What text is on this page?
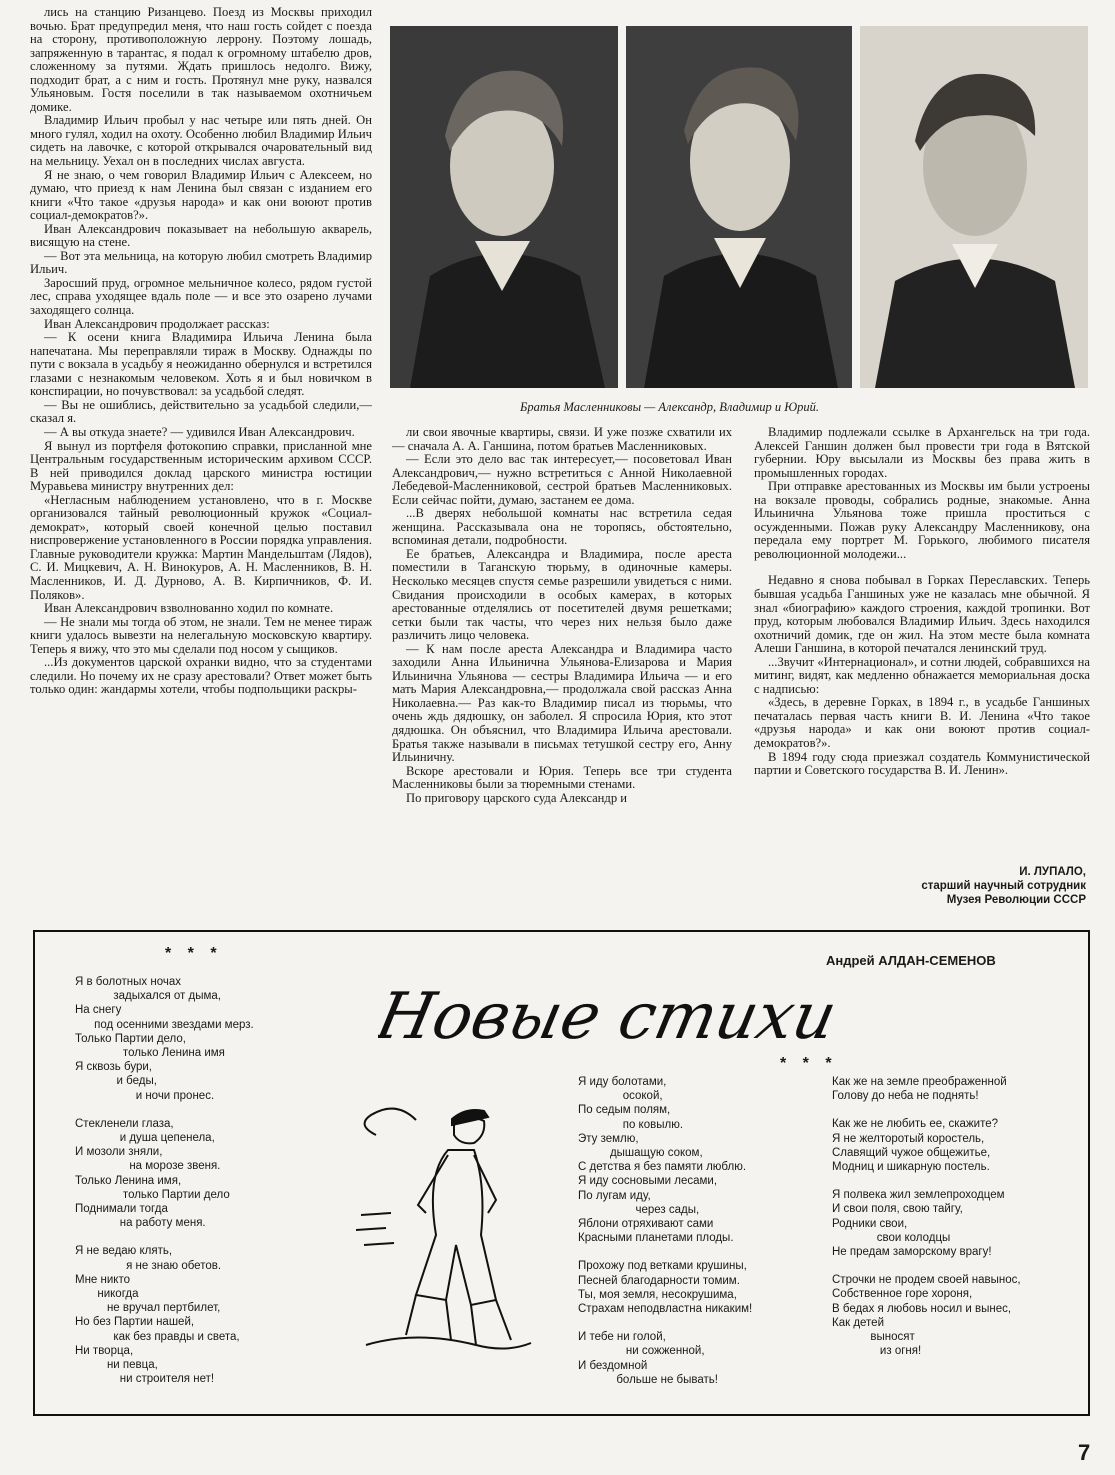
лись на станцию Ризанцево. Поезд из Москвы приходил вочью. Брат предупредил меня, что наш гость сойдет с поезда на сторону, противоположную леррону. Поэтому лошадь, запряженную в тарантас, я подал к огромному штабелю дров, сложенному за путями. Ждать пришлось недолго. Вижу, подходит брат, а с ним и гость. Протянул мне руку, назвался Ульяновым. Гостя поселили в так называемом охотничьем домике.

Владимир Ильич пробыл у нас четыре или пять дней. Он много гулял, ходил на охоту. Особенно любил Владимир Ильич сидеть на лавочке, с которой открывался очаровательный вид на мельницу. Уехал он в последних числах августа.

Я не знаю, о чем говорил Владимир Ильич с Алексеем, но думаю, что приезд к нам Ленина был связан с изданием его книги «Что такое «друзья народа» и как они воюют против социал-демократов?».

Иван Александрович показывает на небольшую акварель, висящую на стене.

— Вот эта мельница, на которую любил смотреть Владимир Ильич.

Заросший пруд, огромное мельничное колесо, рядом густой лес, справа уходящее вдаль поле — и все это озарено лучами заходящего солнца.

Иван Александрович продолжает рассказ:

— К осени книга Владимира Ильича Ленина была напечатана. Мы переправляли тираж в Москву. Однажды по пути с вокзала в усадьбу я неожиданно обернулся и встретился глазами с незнакомым человеком. Хоть я и был новичком в конспирации, но почувствовал: за усадьбой следят.

— Вы не ошиблись, действительно за усадьбой следили,— сказал я.

— А вы откуда знаете? — удивился Иван Александрович.

Я вынул из портфеля фотокопию справки, присланной мне Центральным государственным историческим архивом СССР. В ней приводился доклад царского министра юстиции Муравьева министру внутренних дел:

«Негласным наблюдением установлено, что в г. Москве организовался тайный революционный кружок «Социал-демократ», который своей конечной целью поставил ниспровержение установленного в России порядка управления. Главные руководители кружка: Мартин Мандельштам (Лядов), С. И. Мицкевич, А. Н. Винокуров, А. Н. Масленников, В. Н. Масленников, И. Д. Дурново, А. В. Кирпичников, Ф. И. Поляков».

Иван Александрович взволнованно ходил по комнате.

— Не знали мы тогда об этом, не знали. Тем не менее тираж книги удалось вывезти на нелегальную московскую квартиру. Теперь я вижу, что это мы сделали под носом у сыщиков.

...Из документов царской охранки видно, что за студентами следили. Но почему их не сразу арестовали? Ответ может быть только один: жандармы хотели, чтобы подпольщики раскры-

Братья Масленниковы — Александр, Владимир и Юрий.

ли свои явочные квартиры, связи. И уже позже схватили их — сначала А. А. Ганшина, потом братьев Масленниковых.

— Если это дело вас так интересует,— посоветовал Иван Александрович,— нужно встретиться с Анной Николаевной Лебедевой-Масленниковой, сестрой братьев Масленниковых. Если сейчас пойти, думаю, застанем ее дома.

...В дверях небольшой комнаты нас встретила седая женщина. Рассказывала она не торопясь, обстоятельно, вспоминая детали, подробности.

Ее братьев, Александра и Владимира, после ареста поместили в Таганскую тюрьму, в одиночные камеры. Несколько месяцев спустя семье разрешили увидеться с ними. Свидания происходили в особых камерах, в которых арестованные отделялись от посетителей двумя решетками; сетки были так часты, что через них нельзя было даже различить лицо человека.

— К нам после ареста Александра и Владимира часто заходили Анна Ильинична Ульянова-Елизарова и Мария Ильинична Ульянова — сестры Владимира Ильича — и его мать Мария Александровна,— продолжала свой рассказ Анна Николаевна.— Раз как-то Владимир писал из тюрьмы, что очень ждь дядюшку, он заболел. Я спросила Юрия, кто этот дядюшка. Он объяснил, что Владимира Ильича арестовали. Братья также называли в письмах тетушкой сестру его, Анну Ильиничну.

Вскоре арестовали и Юрия. Теперь все три студента Масленниковы были за тюремными стенами.

По приговору царского суда Александр и

Владимир подлежали ссылке в Архангельск на три года. Алексей Ганшин должен был провести три года в Вятской губернии. Юру высылали из Москвы без права жить в промышленных городах.

При отправке арестованных из Москвы им были устроены на вокзале проводы, собрались родные, знакомые. Анна Ильинична Ульянова тоже пришла проститься с осужденными. Пожав руку Александру Масленникову, она передала ему портрет М. Горького, любимого писателя революционной молодежи...

Недавно я снова побывал в Горках Переславских. Теперь бывшая усадьба Ганшиных уже не казалась мне обычной. Я знал «биографию» каждого строения, каждой тропинки. Вот пруд, которым любовался Владимир Ильич. Здесь находился охотничий домик, где он жил. На этом месте была комната Алеши Ганшина, в которой печатался ленинский труд.

...Звучит «Интернационал», и сотни людей, собравшихся на митинг, видят, как медленно обнажается мемориальная доска с надписью:

«Здесь, в деревне Горках, в 1894 г., в усадьбе Ганшиных печаталась первая часть книги В. И. Ленина «Что такое «друзья народа» и как они воюют против социал-демократов?».

В 1894 году сюда приезжал создатель Коммунистической партии и Советского государства В. И. Ленин».

И. ЛУПАЛО,
старший научный сотрудник
Музея Революции СССР
* * *
* * *
Андрей АЛДАН-СЕМЕНОВ
Новые стихи
Я в болотных ночах
задыхался от дыма,
На снегу
под осенними звездами мерз.
Только Партии дело,
только Ленина имя
Я сквозь бури,
и беды,
и ночи пронес.
Стекленели глаза,
и душа цепенела,
И мозоли зняли,
на морозе звеня.
Только Ленина имя,
только Партии дело
Поднимали тогда
на работу меня.
Я не ведаю клять,
я не знаю обетов.
Мне никто
никогда
не вручал пертбилет,
Но без Партии нашей,
как без правды и света,
Ни творца,
ни певца,
ни строителя нет!
Я иду болотами,
осокой,
По седым полям,
по ковылю.
Эту землю,
дышащую соком,
С детства я без памяти люблю.
Я иду сосновыми лесами,
По лугам иду,
через сады,
Яблони отряхивают сами
Красными планетами плоды.
Прохожу под ветками крушины,
Песней благодарности томим.
Ты, моя земля, несокрушима,
Страхам неподвластна никаким!
И тебе ни голой,
ни сожженной,
И бездомной
больше не бывать!
Как же на земле преображенной
Голову до неба не поднять!
Как же не любить ее, скажите?
Я не желторотый коростель,
Славящий чужое общежитье,
Модниц и шикарную постель.
Я полвека жил землепроходцем
И свои поля, свою тайгу,
Родники свои,
свои колодцы
Не предам заморскому врагу!
Строчки не продем своей навынос,
Собственное горе хороня,
В бедах я любовь носил и вынес,
Как детей
выносят
из огня!
7
